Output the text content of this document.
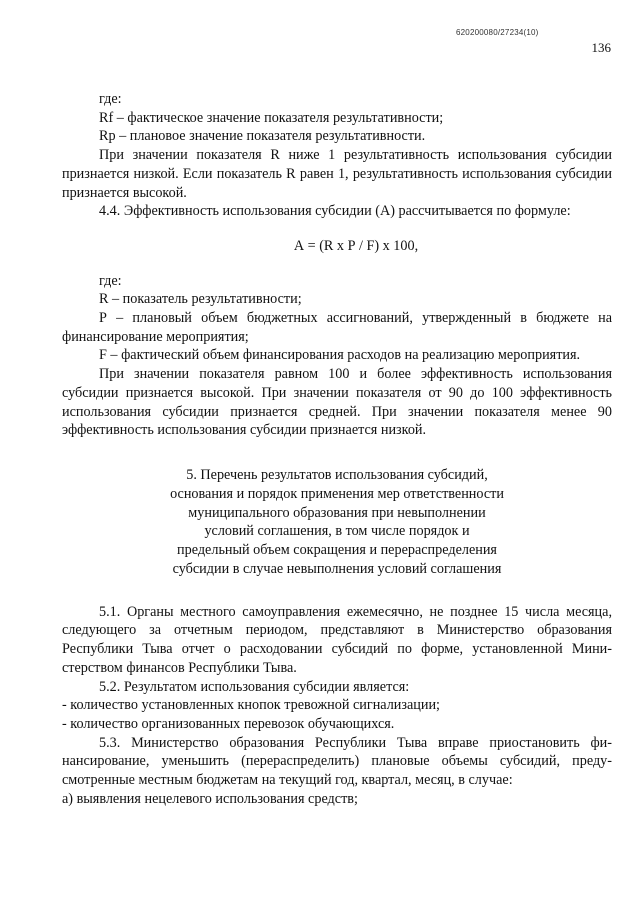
620200080/27234(10)
136

где:

Rf – фактическое значение показателя результативности;

Rp – плановое значение показателя результативности.

При значении показателя R ниже 1 результативность использования субсидии признается низкой. Если показатель R равен 1, результативность использования субсидии признается высокой.

4.4. Эффективность использования субсидии (А) рассчитывается по формуле:

А = (R х Р / F) х 100,

где:

R – показатель результативности;

Р – плановый объем бюджетных ассигнований, утвержденный в бюджете на финансирование мероприятия;

F – фактический объем финансирования расходов на реализацию мероприятия.

При значении показателя равном 100 и более эффективность использования субсидии признается высокой. При значении показателя от 90 до 100 эффективность использования субсидии признается средней. При значении показателя менее 90 эффективность использования субсидии признается низкой.

5. Перечень результатов использования субсидий,
основания и порядок применения мер ответственности
муниципального образования при невыполнении
условий соглашения, в том числе порядок и
предельный объем сокращения и перераспределения
субсидии в случае невыполнения условий соглашения

5.1. Органы местного самоуправления ежемесячно, не позднее 15 числа месяца, следующего за отчетным периодом, представляют в Министерство образования Республики Тыва отчет о расходовании субсидий по форме, установленной Министерством финансов Республики Тыва.

5.2. Результатом использования субсидии является:

- количество установленных кнопок тревожной сигнализации;

- количество организованных перевозок обучающихся.

5.3. Министерство образования Республики Тыва вправе приостановить финансирование, уменьшить (перераспределить) плановые объемы субсидий, предусмотренные местным бюджетам на текущий год, квартал, месяц, в случае:

а) выявления нецелевого использования средств;
